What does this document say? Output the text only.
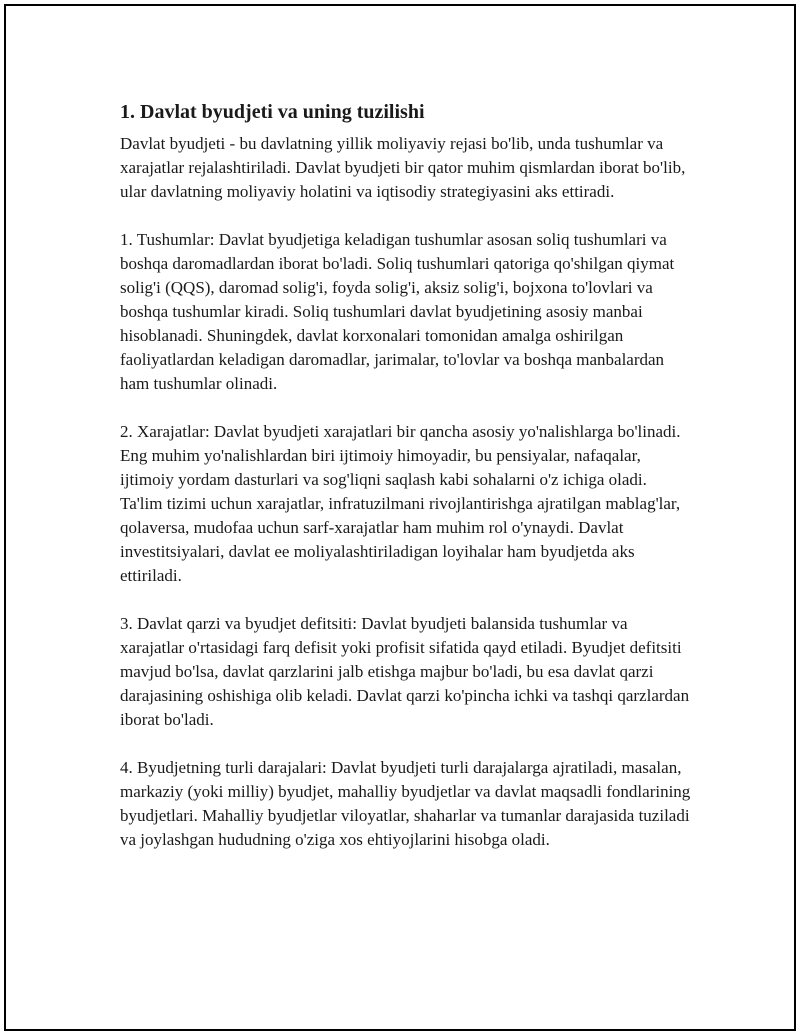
1. Davlat byudjeti va uning tuzilishi

Davlat byudjeti - bu davlatning yillik moliyaviy rejasi bo'lib, unda tushumlar va xarajatlar rejalashtiriladi. Davlat byudjeti bir qator muhim qismlardan iborat bo'lib, ular davlatning moliyaviy holatini va iqtisodiy strategiyasini aks ettiradi.

1. Tushumlar: Davlat byudjetiga keladigan tushumlar asosan soliq tushumlari va boshqa daromadlardan iborat bo'ladi. Soliq tushumlari qatoriga qo'shilgan qiymat solig'i (QQS), daromad solig'i, foyda solig'i, aksiz solig'i, bojxona to'lovlari va boshqa tushumlar kiradi. Soliq tushumlari davlat byudjetining asosiy manbai hisoblanadi. Shuningdek, davlat korxonalari tomonidan amalga oshirilgan faoliyatlardan keladigan daromadlar, jarimalar, to'lovlar va boshqa manbalardan ham tushumlar olinadi.

2. Xarajatlar: Davlat byudjeti xarajatlari bir qancha asosiy yo'nalishlarga bo'linadi. Eng muhim yo'nalishlardan biri ijtimoiy himoyadir, bu pensiyalar, nafaqalar, ijtimoiy yordam dasturlari va sog'liqni saqlash kabi sohalarni o'z ichiga oladi. Ta'lim tizimi uchun xarajatlar, infratuzilmani rivojlantirishga ajratilgan mablag'lar, qolaversa, mudofaa uchun sarf-xarajatlar ham muhim rol o'ynaydi. Davlat investitsiyalari, davlat ee moliyalashtiriladigan loyihalar ham byudjetda aks ettiriladi.

3. Davlat qarzi va byudjet defitsiti: Davlat byudjeti balansida tushumlar va xarajatlar o'rtasidagi farq defisit yoki profisit sifatida qayd etiladi. Byudjet defitsiti mavjud bo'lsa, davlat qarzlarini jalb etishga majbur bo'ladi, bu esa davlat qarzi darajasining oshishiga olib keladi. Davlat qarzi ko'pincha ichki va tashqi qarzlardan iborat bo'ladi.

4. Byudjetning turli darajalari: Davlat byudjeti turli darajalarga ajratiladi, masalan, markaziy (yoki milliy) byudjet, mahalliy byudjetlar va davlat maqsadli fondlarining byudjetlari. Mahalliy byudjetlar viloyatlar, shaharlar va tumanlar darajasida tuziladi va joylashgan hududning o'ziga xos ehtiyojlarini hisobga oladi.
